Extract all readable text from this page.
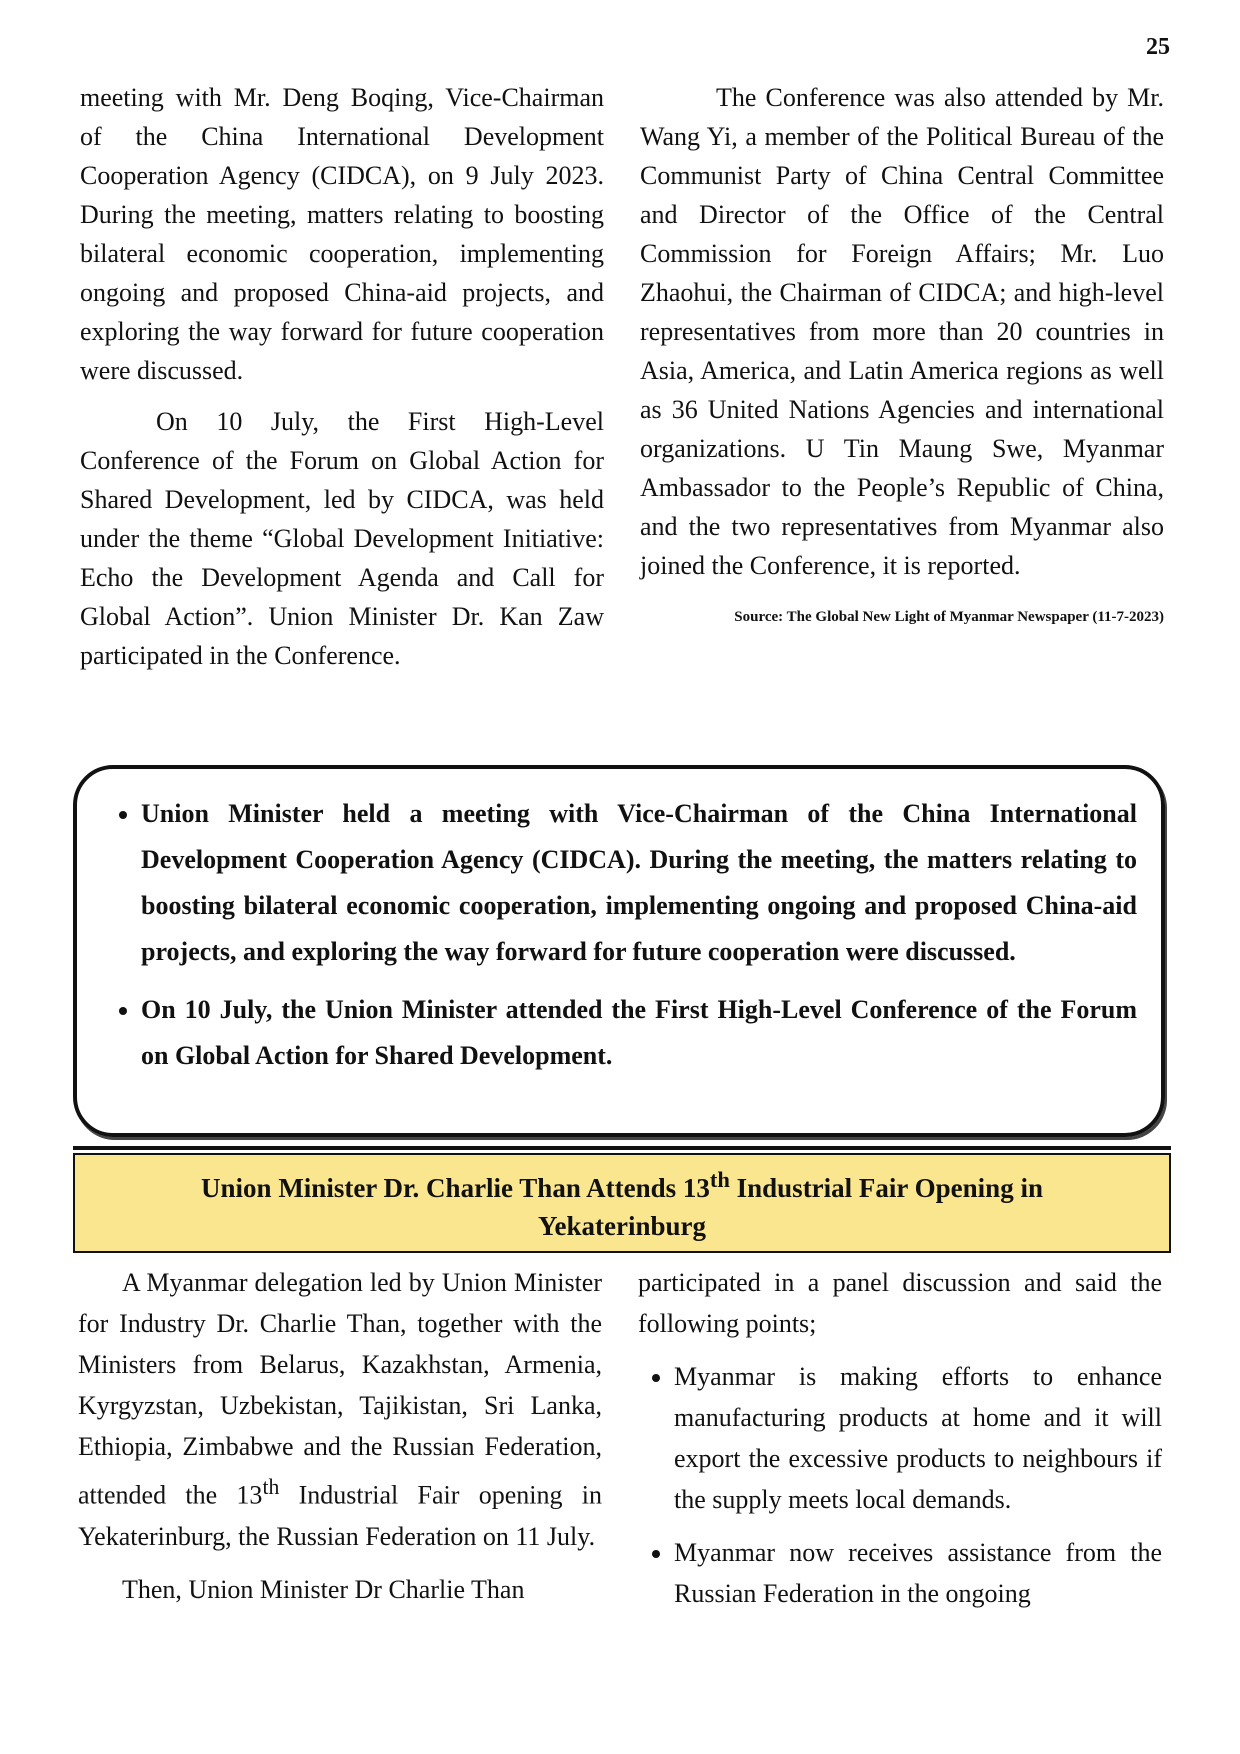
25

meeting with Mr. Deng Boqing, Vice-Chairman of the China International Development Cooperation Agency (CIDCA), on 9 July 2023. During the meeting, matters relating to boosting bilateral economic cooperation, implementing ongoing and proposed China-aid projects, and exploring the way forward for future cooperation were discussed.

On 10 July, the First High-Level Conference of the Forum on Global Action for Shared Development, led by CIDCA, was held under the theme “Global Development Initiative: Echo the Development Agenda and Call for Global Action”. Union Minister Dr. Kan Zaw participated in the Conference.

The Conference was also attended by Mr. Wang Yi, a member of the Political Bureau of the Communist Party of China Central Committee and Director of the Office of the Central Commission for Foreign Affairs; Mr. Luo Zhaohui, the Chairman of CIDCA; and high-level representatives from more than 20 countries in Asia, America, and Latin America regions as well as 36 United Nations Agencies and international organizations. U Tin Maung Swe, Myanmar Ambassador to the People’s Republic of China, and the two representatives from Myanmar also joined the Conference, it is reported.

Source: The Global New Light of Myanmar Newspaper (11-7-2023)
• Union Minister held a meeting with Vice-Chairman of the China International Development Cooperation Agency (CIDCA). During the meeting, the matters relating to boosting bilateral economic cooperation, implementing ongoing and proposed China-aid projects, and exploring the way forward for future cooperation were discussed.
• On 10 July, the Union Minister attended the First High-Level Conference of the Forum on Global Action for Shared Development.
Union Minister Dr. Charlie Than Attends 13th Industrial Fair Opening in Yekaterinburg

A Myanmar delegation led by Union Minister for Industry Dr. Charlie Than, together with the Ministers from Belarus, Kazakhstan, Armenia, Kyrgyzstan, Uzbekistan, Tajikistan, Sri Lanka, Ethiopia, Zimbabwe and the Russian Federation, attended the 13th Industrial Fair opening in Yekaterinburg, the Russian Federation on 11 July.

Then, Union Minister Dr Charlie Than

participated in a panel discussion and said the following points;

• Myanmar is making efforts to enhance manufacturing products at home and it will export the excessive products to neighbours if the supply meets local demands.
• Myanmar now receives assistance from the Russian Federation in the ongoing
